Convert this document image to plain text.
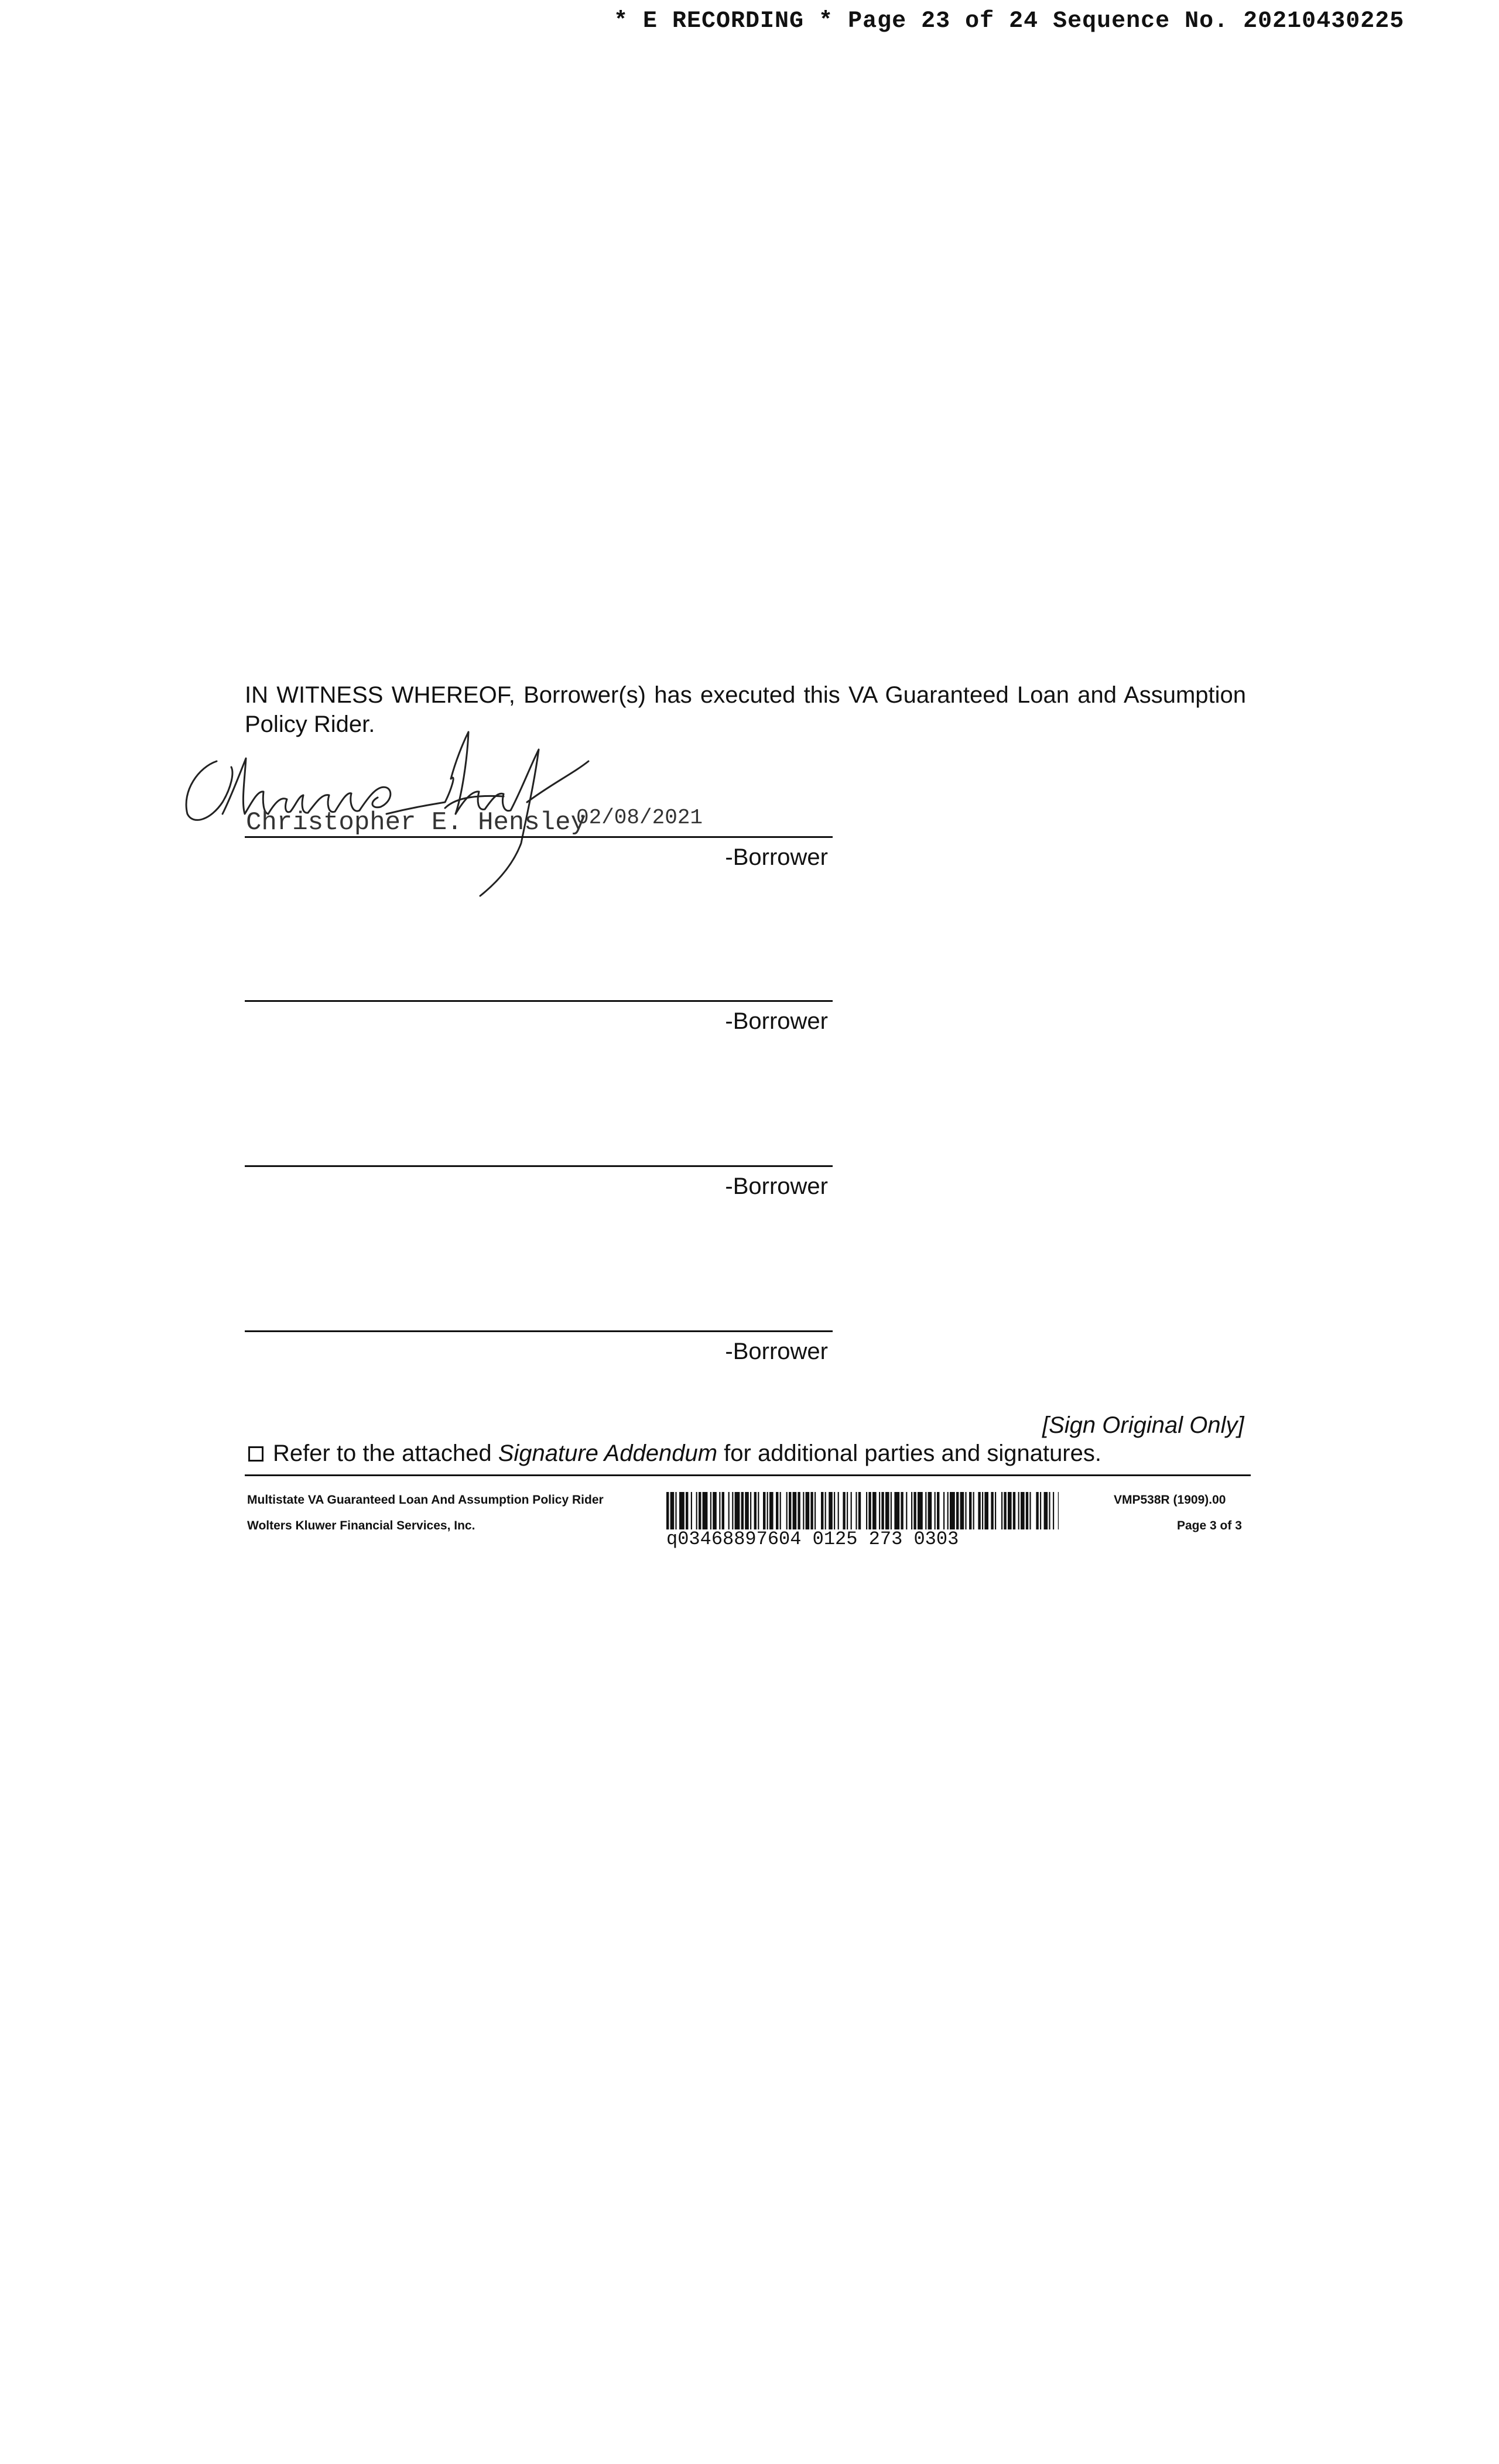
* E RECORDING * Page 23 of 24 Sequence No. 20210430225
IN WITNESS WHEREOF, Borrower(s) has executed this VA Guaranteed Loan and Assumption Policy Rider.
Christopher E. Hensley
02/08/2021
-Borrower
-Borrower
-Borrower
-Borrower
[Sign Original Only]
Refer to the attached Signature Addendum for additional parties and signatures.
Multistate VA Guaranteed Loan And Assumption Policy Rider
Wolters Kluwer Financial Services, Inc.
VMP538R (1909).00
Page 3 of 3
q03468897604 0125 273 0303
